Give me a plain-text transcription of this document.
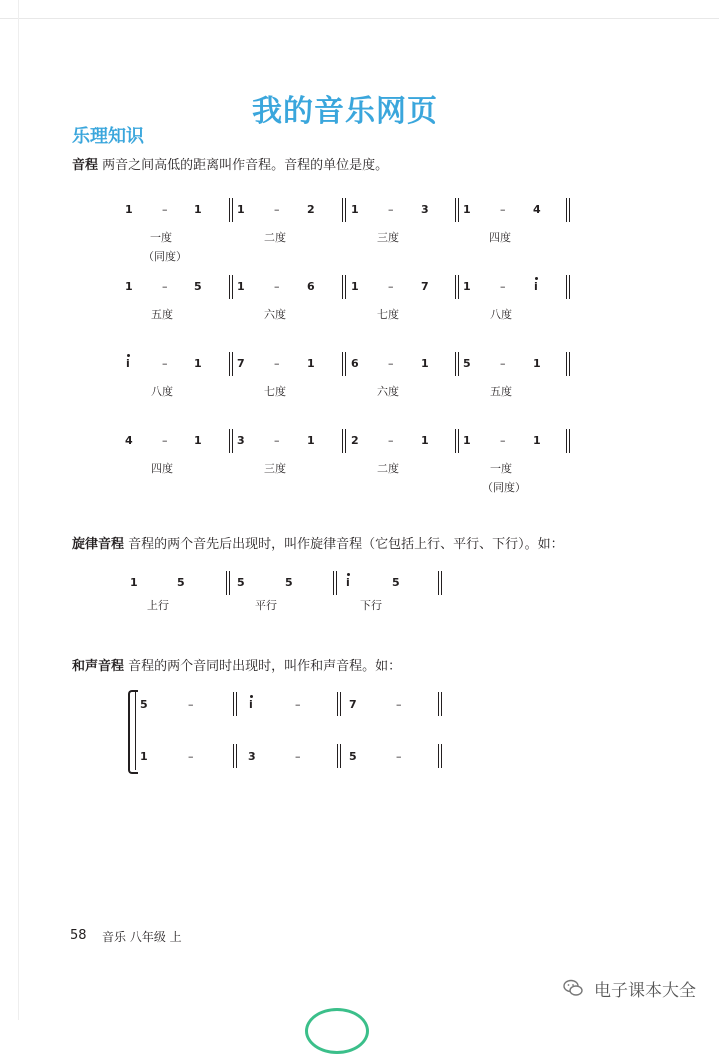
我的音乐网页
乐理知识
音程 两音之间高低的距离叫作音程。音程的单位是度。
1	– 1
一度
（同度）
1	–	2
二度
1	–	3
三度
1	–	4
四度
1	– 5
五度
1	–	6
六度
1	–	7
七度
1	–	i
八度
i	– 1
八度
7	–	1
七度
6	–	1
六度
5	–	1
五度
4	– 1
四度
3	–	1
三度
2	–	1
二度
1	–	1
一度
（同度）
旋律音程 音程的两个音先后出现时，叫作旋律音程（它包括上行、平行、下行）。如：
1	5
上行
5	5
平行
i	5
下行
和声音程 音程的两个音同时出现时，叫作和声音程。如：
5	–	i	–	7	–
1	–	3	–	5	–
58 音乐 八年级 上
电子课本大全
